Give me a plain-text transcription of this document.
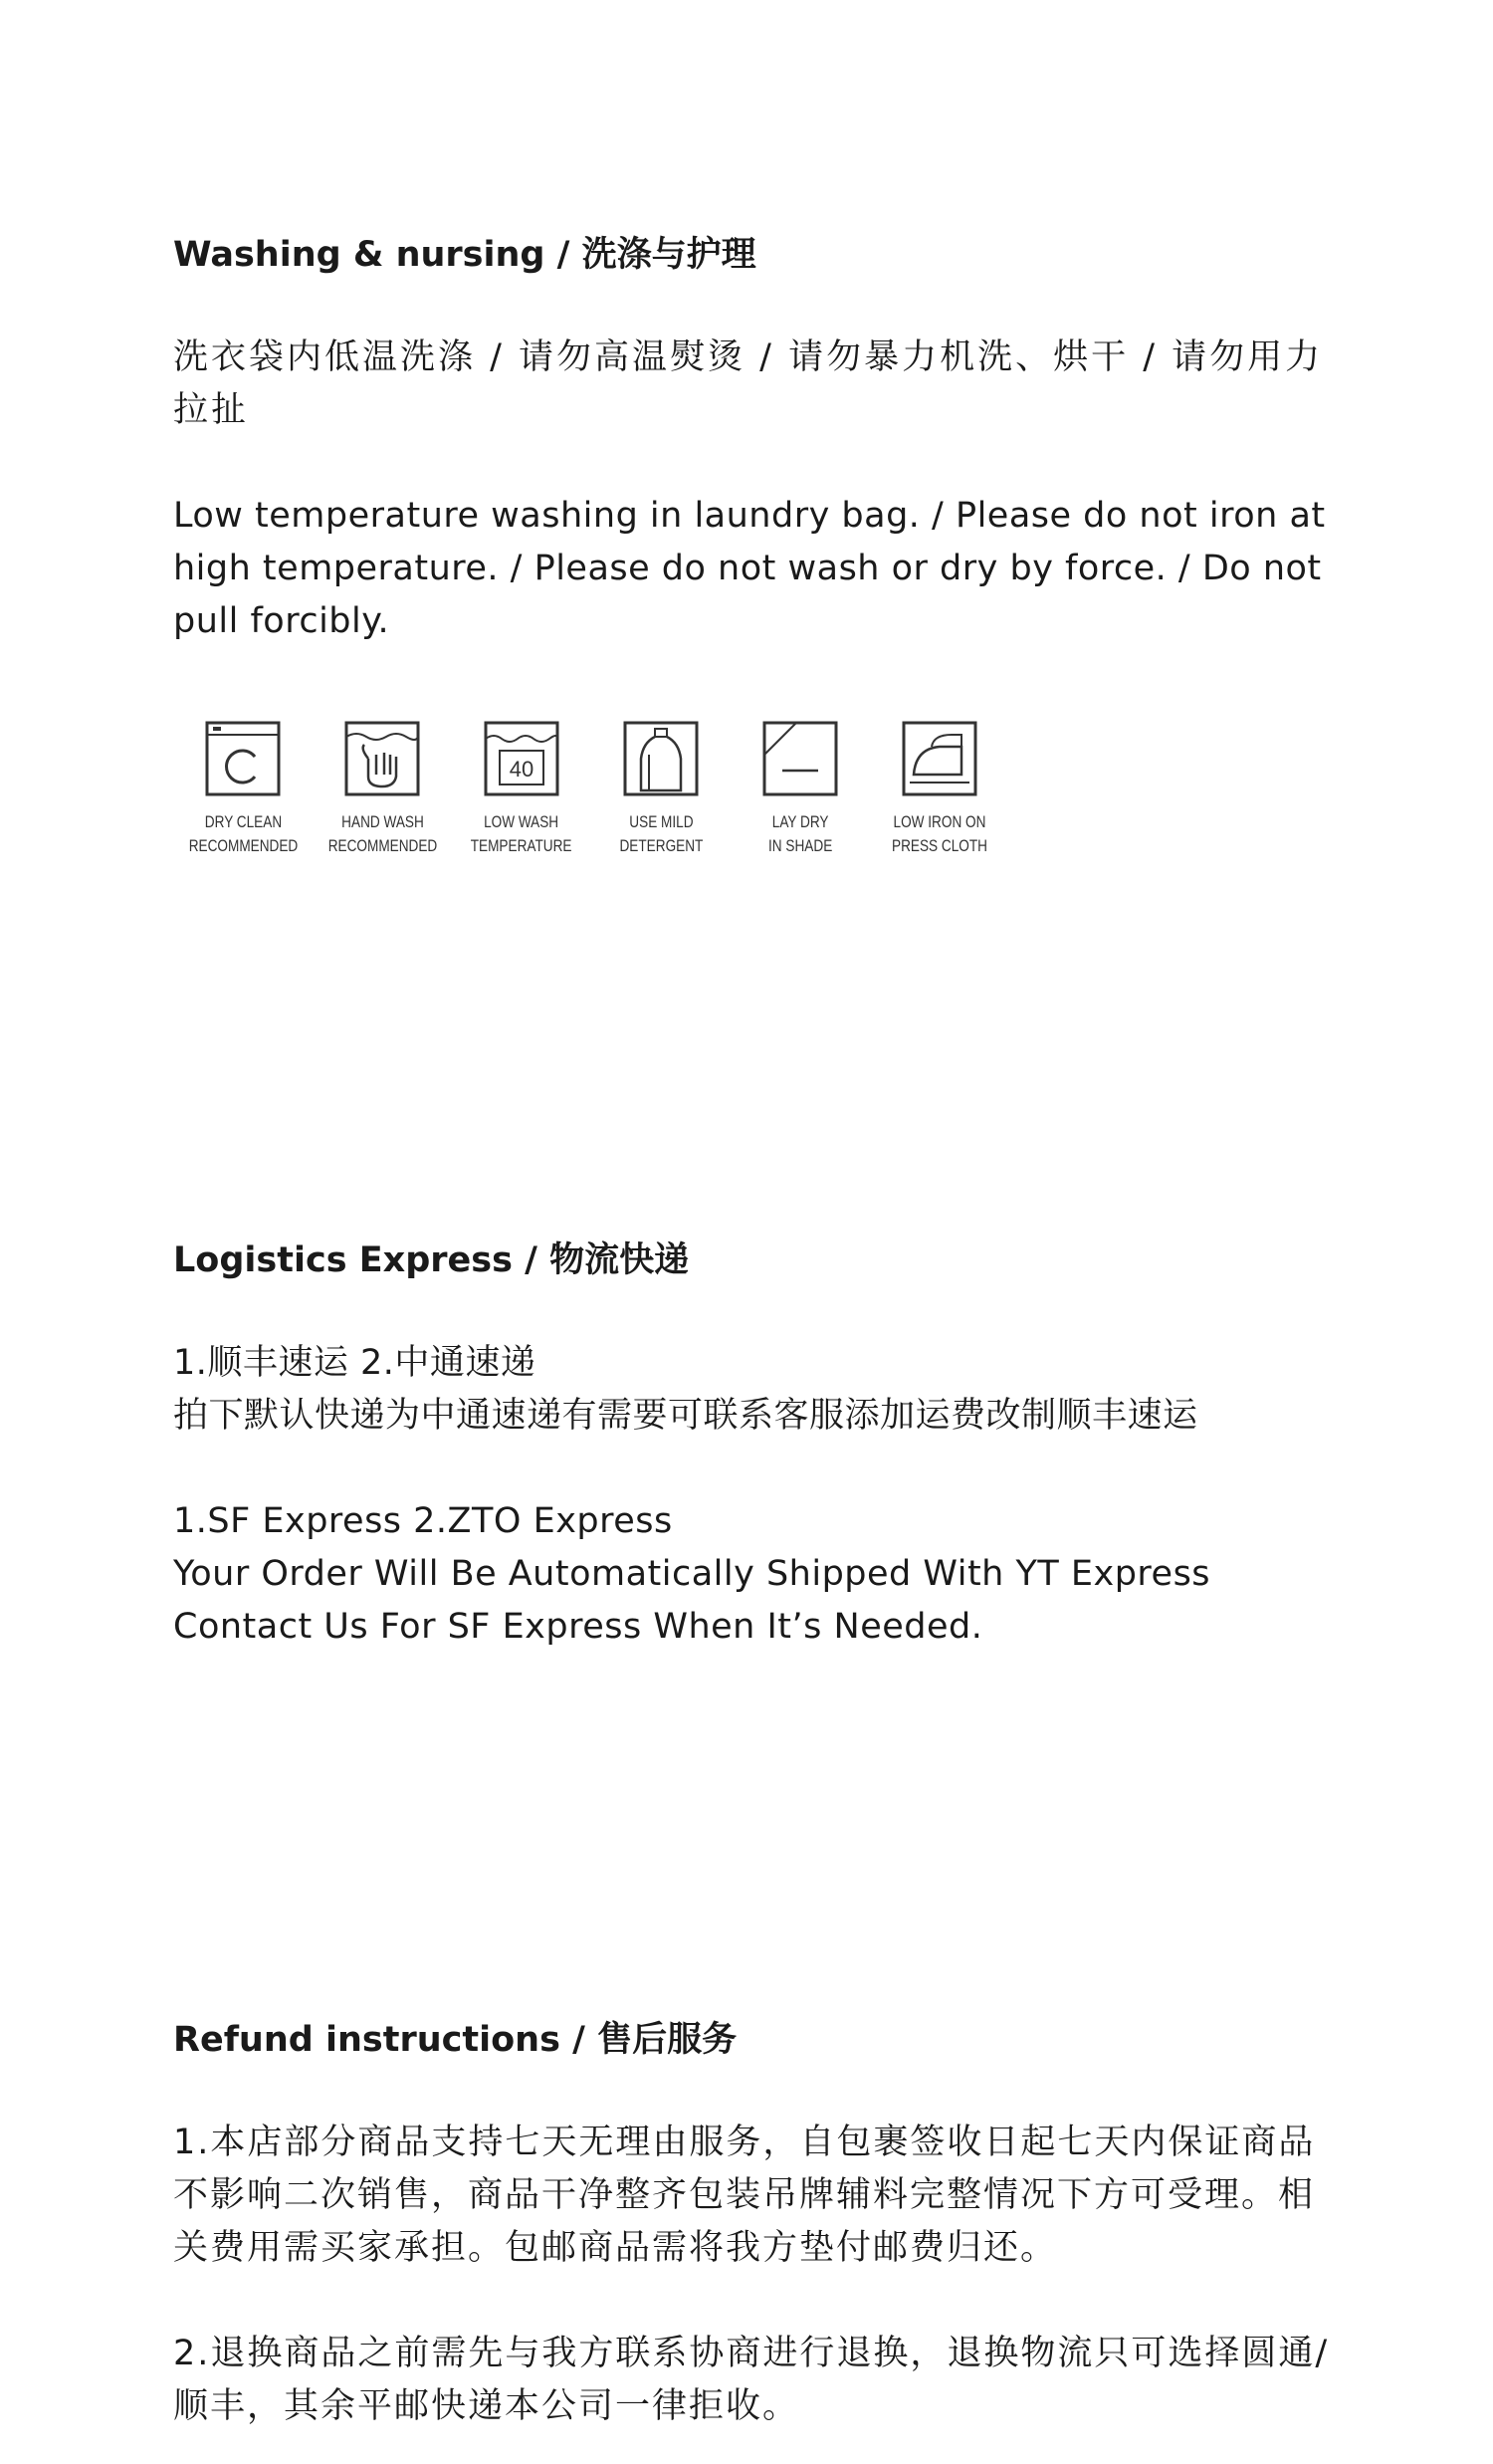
Washing & nursing / 洗涤与护理
洗衣袋内低温洗涤 / 请勿高温熨烫 / 请勿暴力机洗、烘干 / 请勿用力拉扯
Low temperature washing in laundry bag. / Please do not iron at high temperature. / Please do not wash or dry by force. / Do not pull forcibly.
DRY CLEAN
RECOMMENDED
HAND WASH
RECOMMENDED
40
LOW WASH
TEMPERATURE
USE MILD
DETERGENT
LAY DRY
IN SHADE
LOW IRON ON
PRESS CLOTH
Logistics Express / 物流快递

1.顺丰速运 2.中通速递

拍下默认快递为中通速递有需要可联系客服添加运费改制顺丰速运

1.SF Express 2.ZTO Express

Your Order Will Be Automatically Shipped With YT Express

Contact Us For SF Express When It’s Needed.

Refund instructions / 售后服务

1.本店部分商品支持七天无理由服务，自包裹签收日起七天内保证商品不影响二次销售，商品干净整齐包装吊牌辅料完整情况下方可受理。相关费用需买家承担。包邮商品需将我方垫付邮费归还。

2.退换商品之前需先与我方联系协商进行退换，退换物流只可选择圆通/顺丰，其余平邮快递本公司一律拒收。
